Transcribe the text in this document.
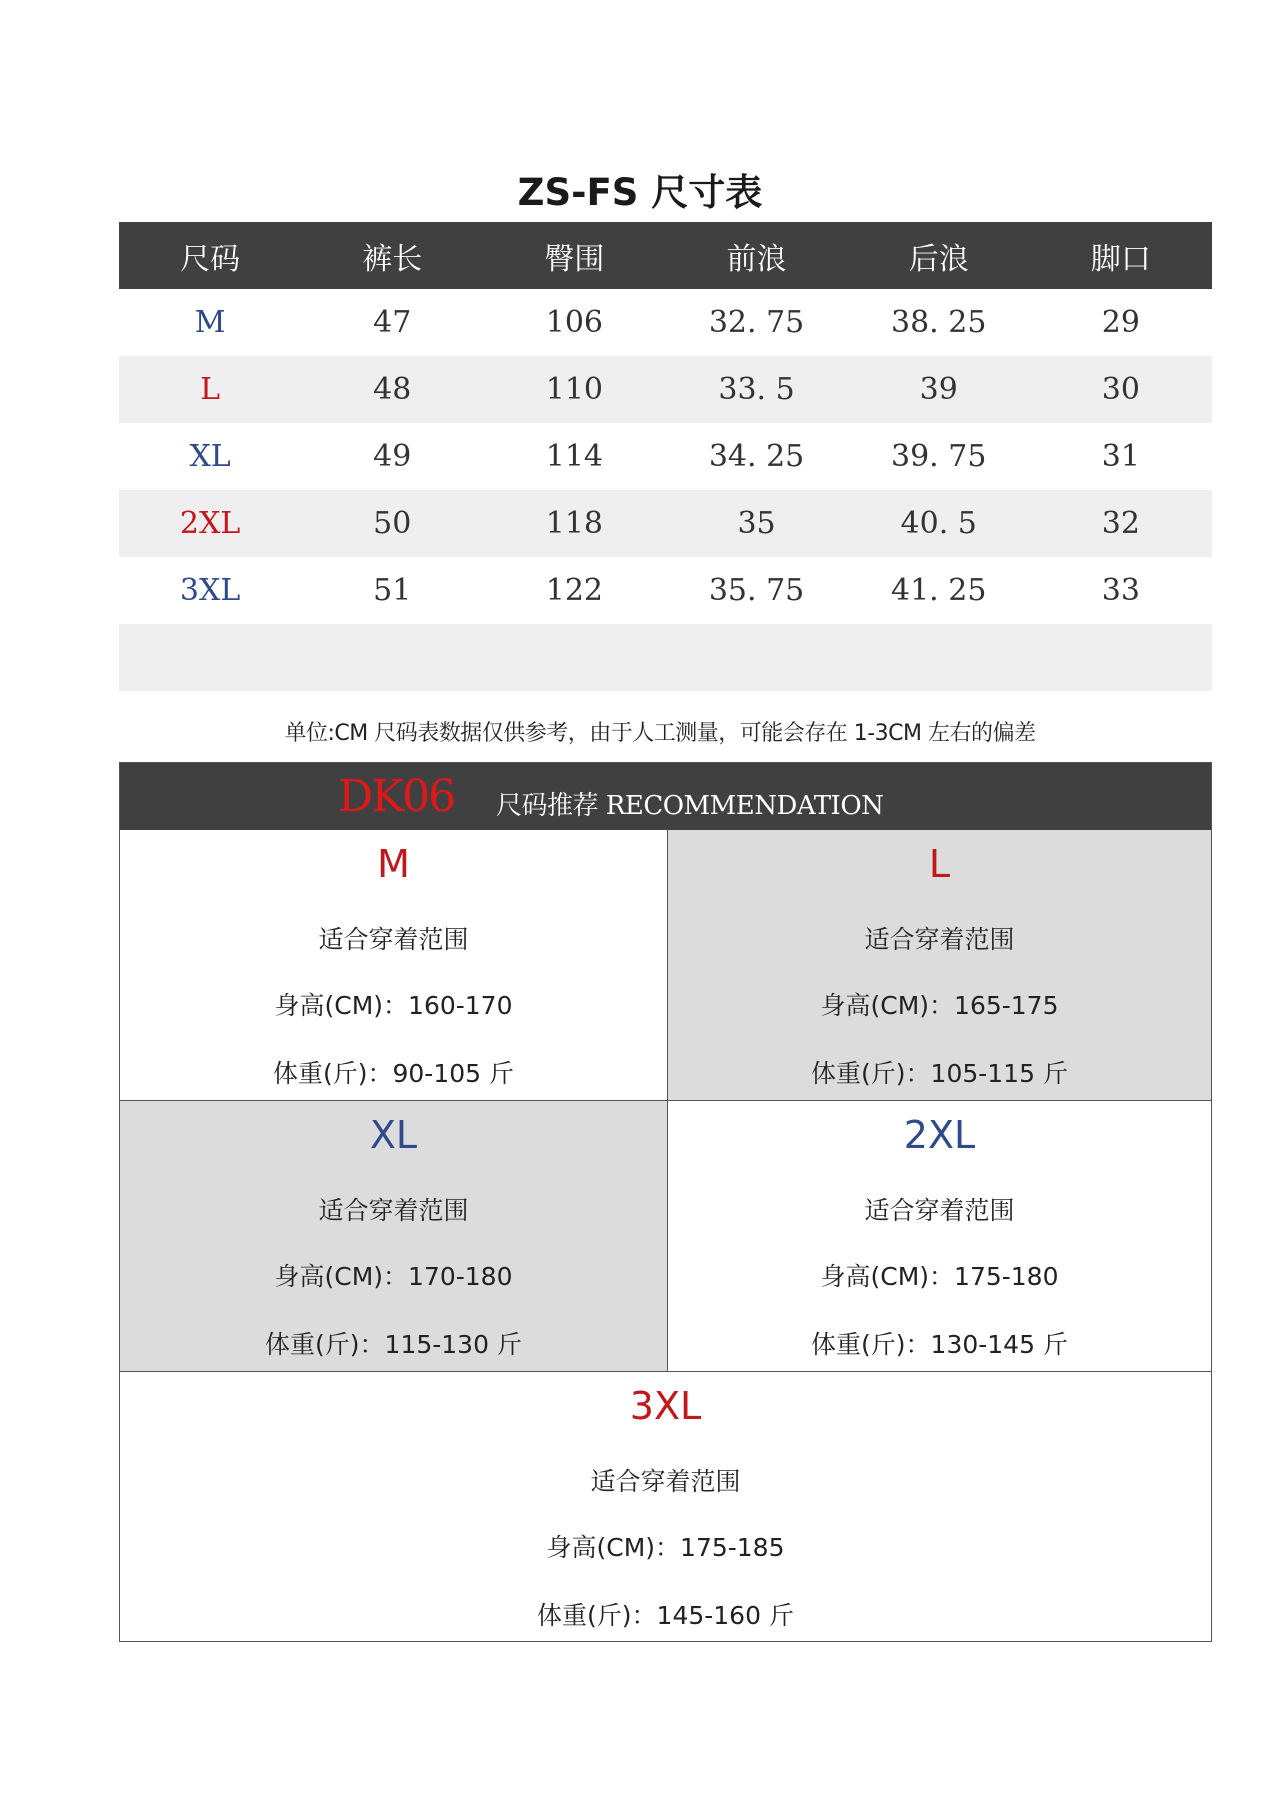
ZS-FS 尺寸表
尺码	裤长	臀围	前浪	后浪	脚口
M	47	106	32. 75	38. 25	29
L	48	110	33. 5	39	30
XL	49	114	34. 25	39. 75	31
2XL	50	118	35	40. 5	32
3XL	51	122	35. 75	41. 25	33

单位:CM 尺码表数据仅供参考，由于人工测量，可能会存在 1-3CM 左右的偏差
DK06 尺码推荐 RECOMMENDATION
M
适合穿着范围
身高(CM)：160-170
体重(斤)：90-105 斤
L
适合穿着范围
身高(CM)：165-175
体重(斤)：105-115 斤
XL
适合穿着范围
身高(CM)：170-180
体重(斤)：115-130 斤
2XL
适合穿着范围
身高(CM)：175-180
体重(斤)：130-145 斤
3XL
适合穿着范围
身高(CM)：175-185
体重(斤)：145-160 斤
